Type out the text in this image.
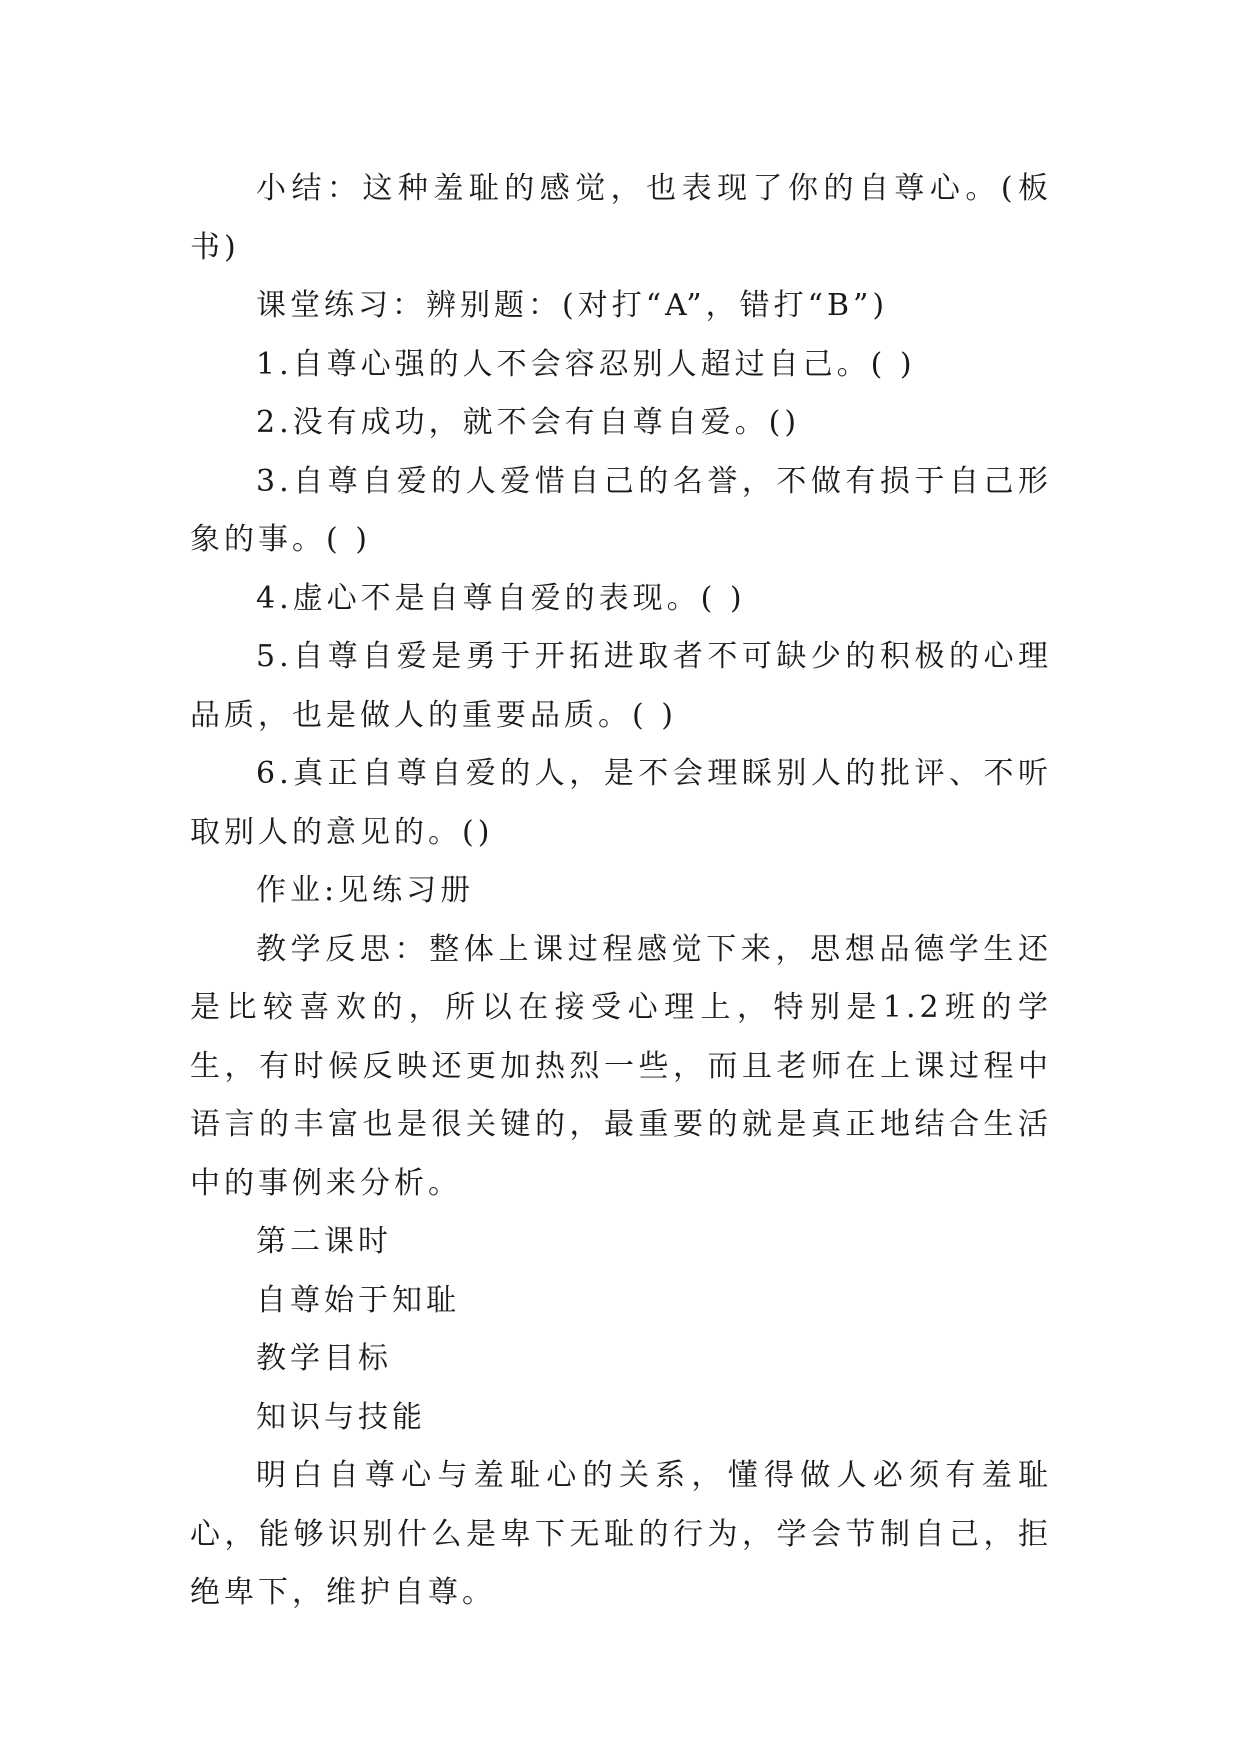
小结：这种羞耻的感觉，也表现了你的自尊心。(板书)

课堂练习：辨别题：(对打“A”，错打“B”)

1.自尊心强的人不会容忍别人超过自己。( )

2.没有成功，就不会有自尊自爱。()

3.自尊自爱的人爱惜自己的名誉，不做有损于自己形象的事。( )

4.虚心不是自尊自爱的表现。( )

5.自尊自爱是勇于开拓进取者不可缺少的积极的心理品质，也是做人的重要品质。( )

6.真正自尊自爱的人，是不会理睬别人的批评、不听取别人的意见的。()

作业:见练习册

教学反思：整体上课过程感觉下来，思想品德学生还是比较喜欢的，所以在接受心理上，特别是1.2班的学生，有时候反映还更加热烈一些，而且老师在上课过程中语言的丰富也是很关键的，最重要的就是真正地结合生活中的事例来分析。

第二课时

自尊始于知耻

教学目标

知识与技能

明白自尊心与羞耻心的关系，懂得做人必须有羞耻心，能够识别什么是卑下无耻的行为，学会节制自己，拒绝卑下，维护自尊。
